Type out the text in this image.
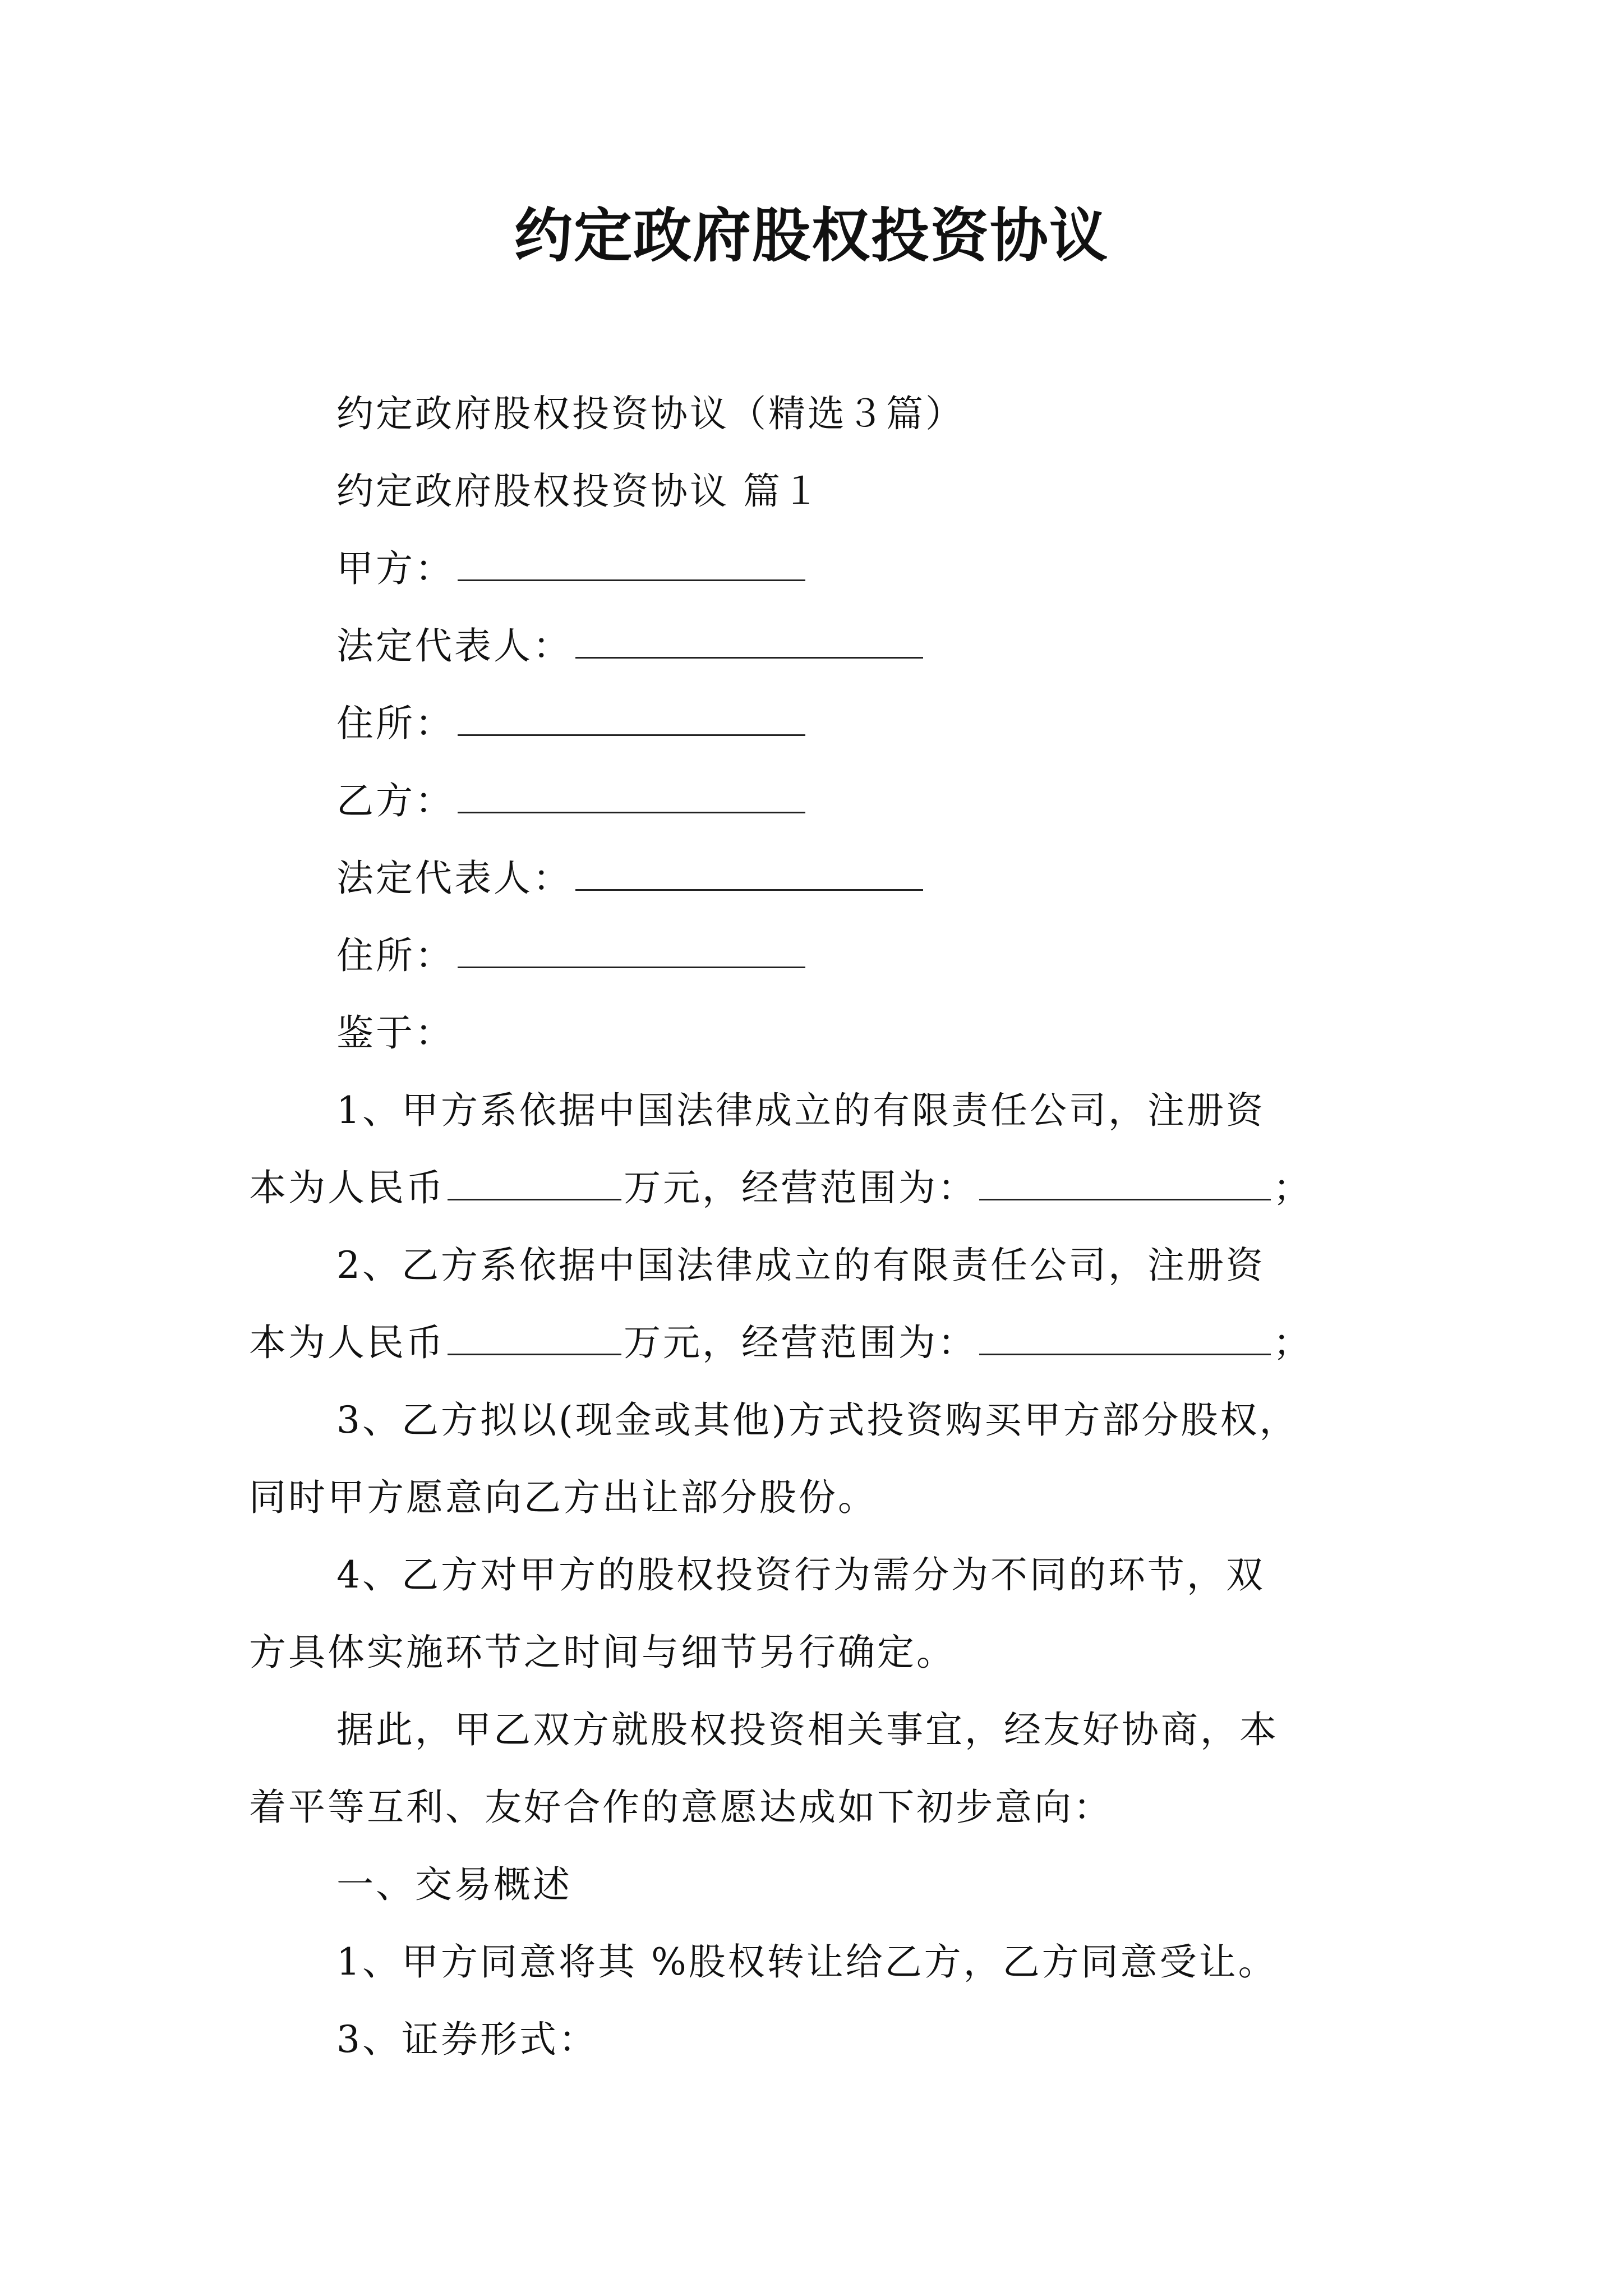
约定政府股权投资协议
约定政府股权投资协议（精选３篇）
约定政府股权投资协议 篇１
甲方：
法定代表人：
住所：
乙方：
法定代表人：
住所：
鉴于：
1、甲方系依据中国法律成立的有限责任公司，注册资
本为人民币	万元，经营范围为：	；
2、乙方系依据中国法律成立的有限责任公司，注册资
本为人民币	万元，经营范围为：	；
3、乙方拟以(现金或其他)方式投资购买甲方部分股权，
同时甲方愿意向乙方出让部分股份。
4、乙方对甲方的股权投资行为需分为不同的环节，双
方具体实施环节之时间与细节另行确定。
据此，甲乙双方就股权投资相关事宜，经友好协商，本
着平等互利、友好合作的意愿达成如下初步意向：
一、交易概述
1、甲方同意将其 %股权转让给乙方，乙方同意受让。
3、证券形式：
